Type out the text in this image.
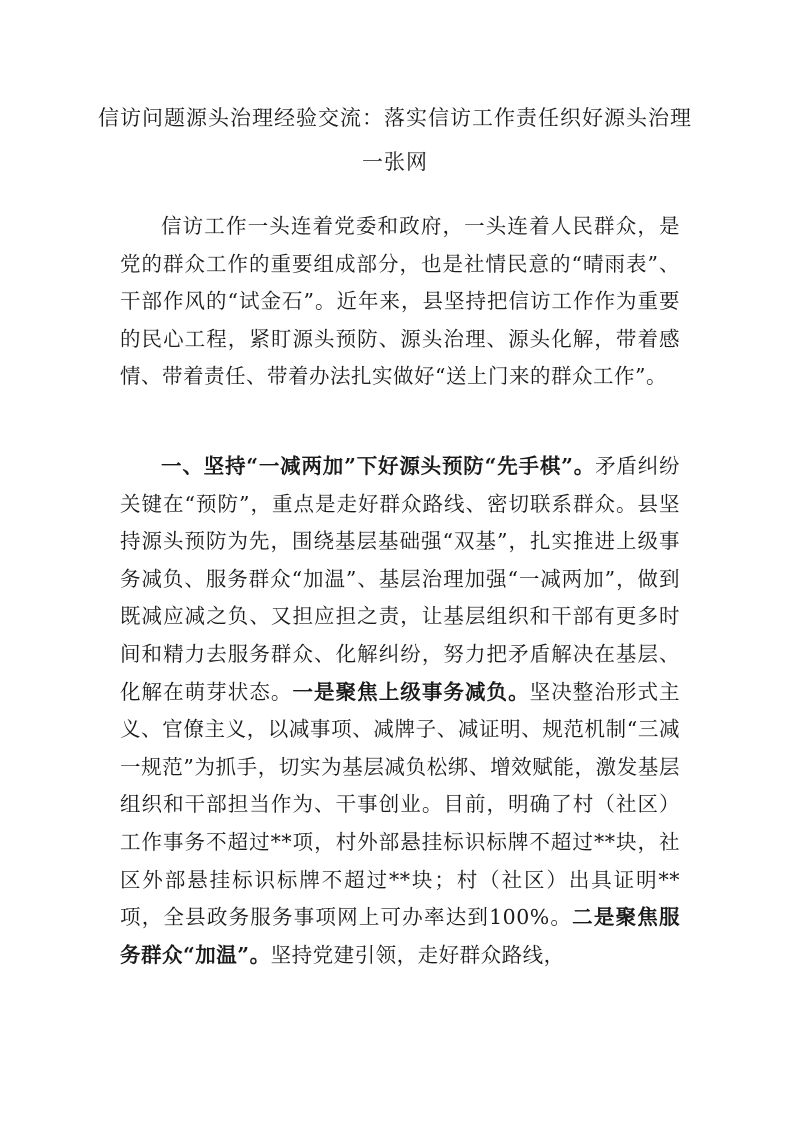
信访问题源头治理经验交流：落实信访工作责任织好源头治理一张网

信访工作一头连着党委和政府，一头连着人民群众，是党的群众工作的重要组成部分，也是社情民意的“晴雨表”、干部作风的“试金石”。近年来，县坚持把信访工作作为重要的民心工程，紧盯源头预防、源头治理、源头化解，带着感情、带着责任、带着办法扎实做好“送上门来的群众工作”。

一、坚持“一减两加”下好源头预防“先手棋”。矛盾纠纷关键在“预防”，重点是走好群众路线、密切联系群众。县坚持源头预防为先，围绕基层基础强“双基”，扎实推进上级事务减负、服务群众“加温”、基层治理加强“一减两加”，做到既减应减之负、又担应担之责，让基层组织和干部有更多时间和精力去服务群众、化解纠纷，努力把矛盾解决在基层、化解在萌芽状态。一是聚焦上级事务减负。坚决整治形式主义、官僚主义，以减事项、减牌子、减证明、规范机制“三减一规范”为抓手，切实为基层减负松绑、增效赋能，激发基层组织和干部担当作为、干事创业。目前，明确了村（社区）工作事务不超过**项，村外部悬挂标识标牌不超过**块，社区外部悬挂标识标牌不超过**块；村（社区）出具证明**项，全县政务服务事项网上可办率达到100%。二是聚焦服务群众“加温”。坚持党建引领，走好群众路线，
